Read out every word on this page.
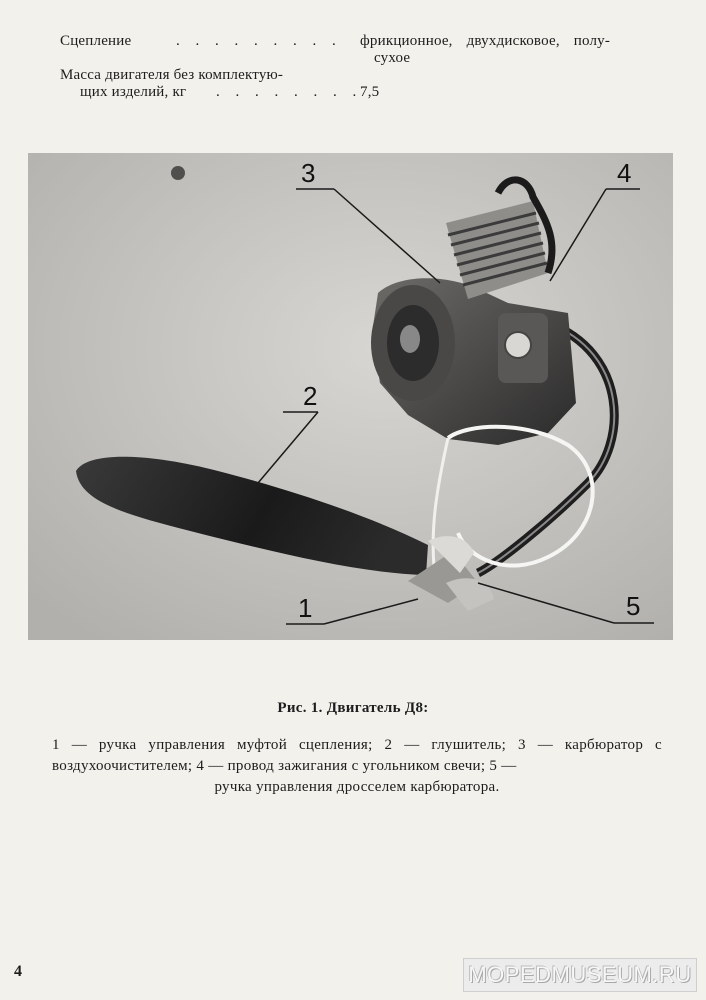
Сцепление	. . . . . . . . . фрикционное, двухдисковое, полу-
сухое
Масса двигателя без комплектую-
щих изделий, кг . . . . . . . .
7,5
1
2
3	4
5
Рис. 1. Двигатель Д8:
1 — ручка управления муфтой сцепления; 2 — глушитель; 3 — карбюратор с воздухоочистителем; 4 — провод зажигания с угольником свечи; 5 —
ручка управления дросселем карбюратора.
4	MOPEDMUSEUM.RU
